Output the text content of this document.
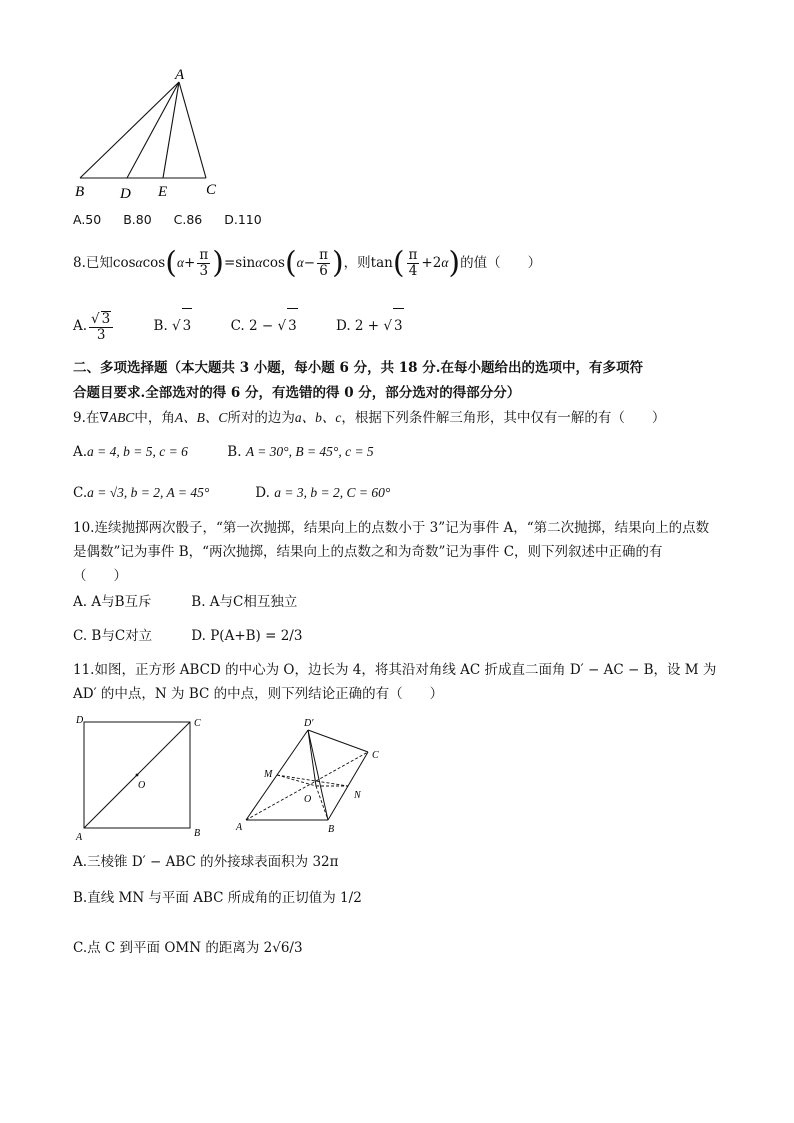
A
B D E	C
A.50 B.80 C.86 D.110
8.已知$\cos\alpha\cos(\alpha+ \frac{\pi}{3} )=\sin\alpha\cos(\alpha- \frac{\pi}{6}$ )，则$\tan( \frac{\pi}{4} +2\alpha)$的值（　　）
A. $\frac{√ 3}{3}$	B. √ 3	C. 2 − √ 3	D. 2 + √ 3
二、多项选择题（本大题共 3 小题，每小题 6 分，共 18 分.在每小题给出的选项中，有多项符
合题目要求.全部选对的得 6 分，有选错的得 0 分，部分选对的得部分分）
9.在∇ABC中，角A、B、C所对的边为a、b、c，根据下列条件解三角形，其中仅有一解的有（　　）
A.a = 4, b = 5, c = 6	B. A = 30°, B = 45°, c = 5
C.a = √3, b = 2, A = 45°	D. a = 3, b = 2, C = 60°
10.连续抛掷两次骰子，“第一次抛掷，结果向上的点数小于 3”记为事件 A，“第二次抛掷，结果向上的点数
是偶数”记为事件 B，“两次抛掷，结果向上的点数之和为奇数”记为事件 C，则下列叙述中正确的有
（　　）
A. A与B互斥	B. A与C相互独立
C. B与C对立	D. P(A+B) = 2/3
11.如图，正方形 ABCD 的中心为 O，边长为 4，将其沿对角线 AC 折成直二面角 D′ − AC − B，设 M 为
AD′ 的中点，N 为 BC 的中点，则下列结论正确的有（　　）
D	C
O
A	B
D′
C
M
O	N
A	B
A.三棱锥 D′ − ABC 的外接球表面积为 32π
B.直线 MN 与平面 ABC 所成角的正切值为 1/2
C.点 C 到平面 OMN 的距离为 2√6/3
